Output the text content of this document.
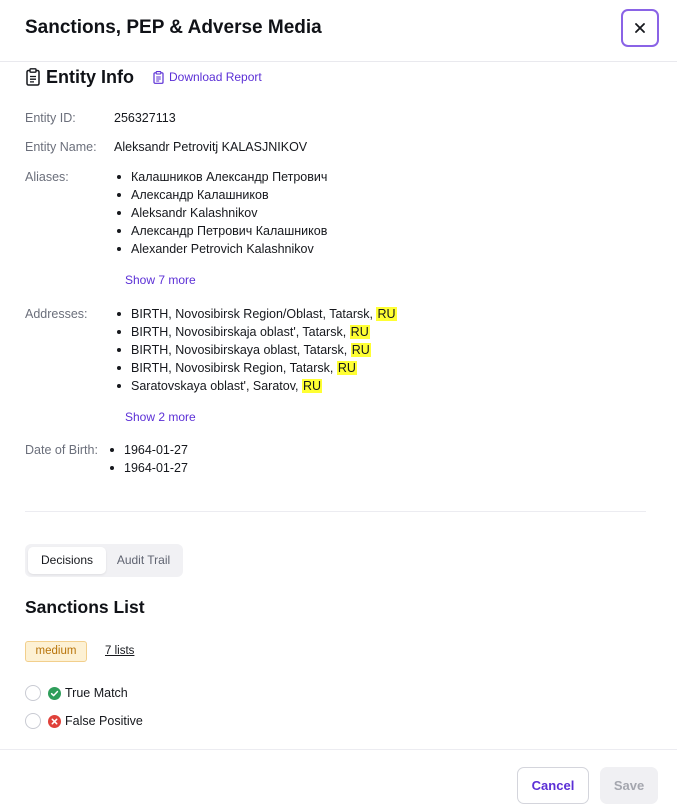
Sanctions, PEP & Adverse Media
Entity Info	Download Report
Entity ID:	256327113
Entity Name: Aleksandr Petrovitj KALASJNIKOV
Aliases:	Калашников Александр Петрович
Александр Калашников
Aleksandr Kalashnikov
Александр Петрович Калашников
Alexander Petrovich Kalashnikov
Show 7 more
Addresses:	BIRTH, Novosibirsk Region/Oblast, Tatarsk, RU
BIRTH, Novosibirskaja oblast', Tatarsk, RU
BIRTH, Novosibirskaya oblast, Tatarsk, RU
BIRTH, Novosibirsk Region, Tatarsk, RU
Saratovskaya oblast', Saratov, RU
Show 2 more
Date of Birth:	1964-01-27
1964-01-27
Decisions	Audit Trail
Sanctions List
medium	7 lists
True Match
False Positive
Cancel	Save
